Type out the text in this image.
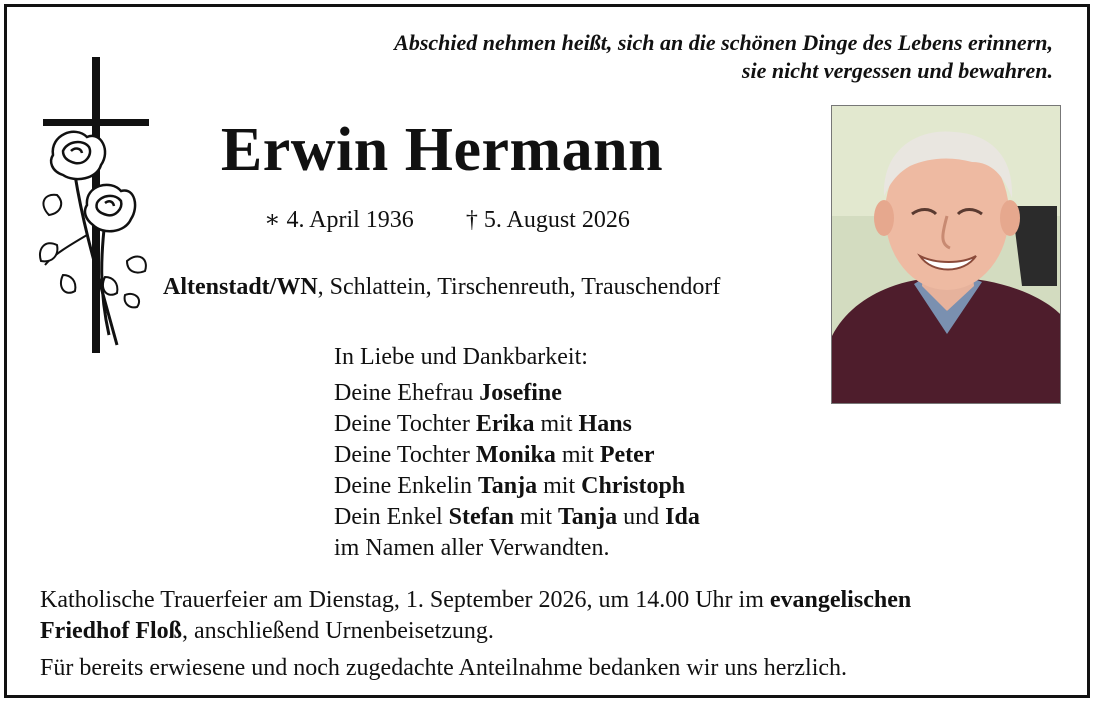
Abschied nehmen heißt, sich an die schönen Dinge des Lebens erinnern,
sie nicht vergessen und bewahren.
Erwin Hermann
∗ 4. April 1936 † 5. August 2026
Altenstadt/WN, Schlattein, Tirschenreuth, Trauschendorf
In Liebe und Dankbarkeit:
Deine Ehefrau Josefine
Deine Tochter Erika mit Hans
Deine Tochter Monika mit Peter
Deine Enkelin Tanja mit Christoph
Dein Enkel Stefan mit Tanja und Ida
im Namen aller Verwandten.
Katholische Trauerfeier am Dienstag, 1. September 2026, um 14.00 Uhr im evangelischen
Friedhof Floß, anschließend Urnenbeisetzung.
Für bereits erwiesene und noch zugedachte Anteilnahme bedanken wir uns herzlich.
